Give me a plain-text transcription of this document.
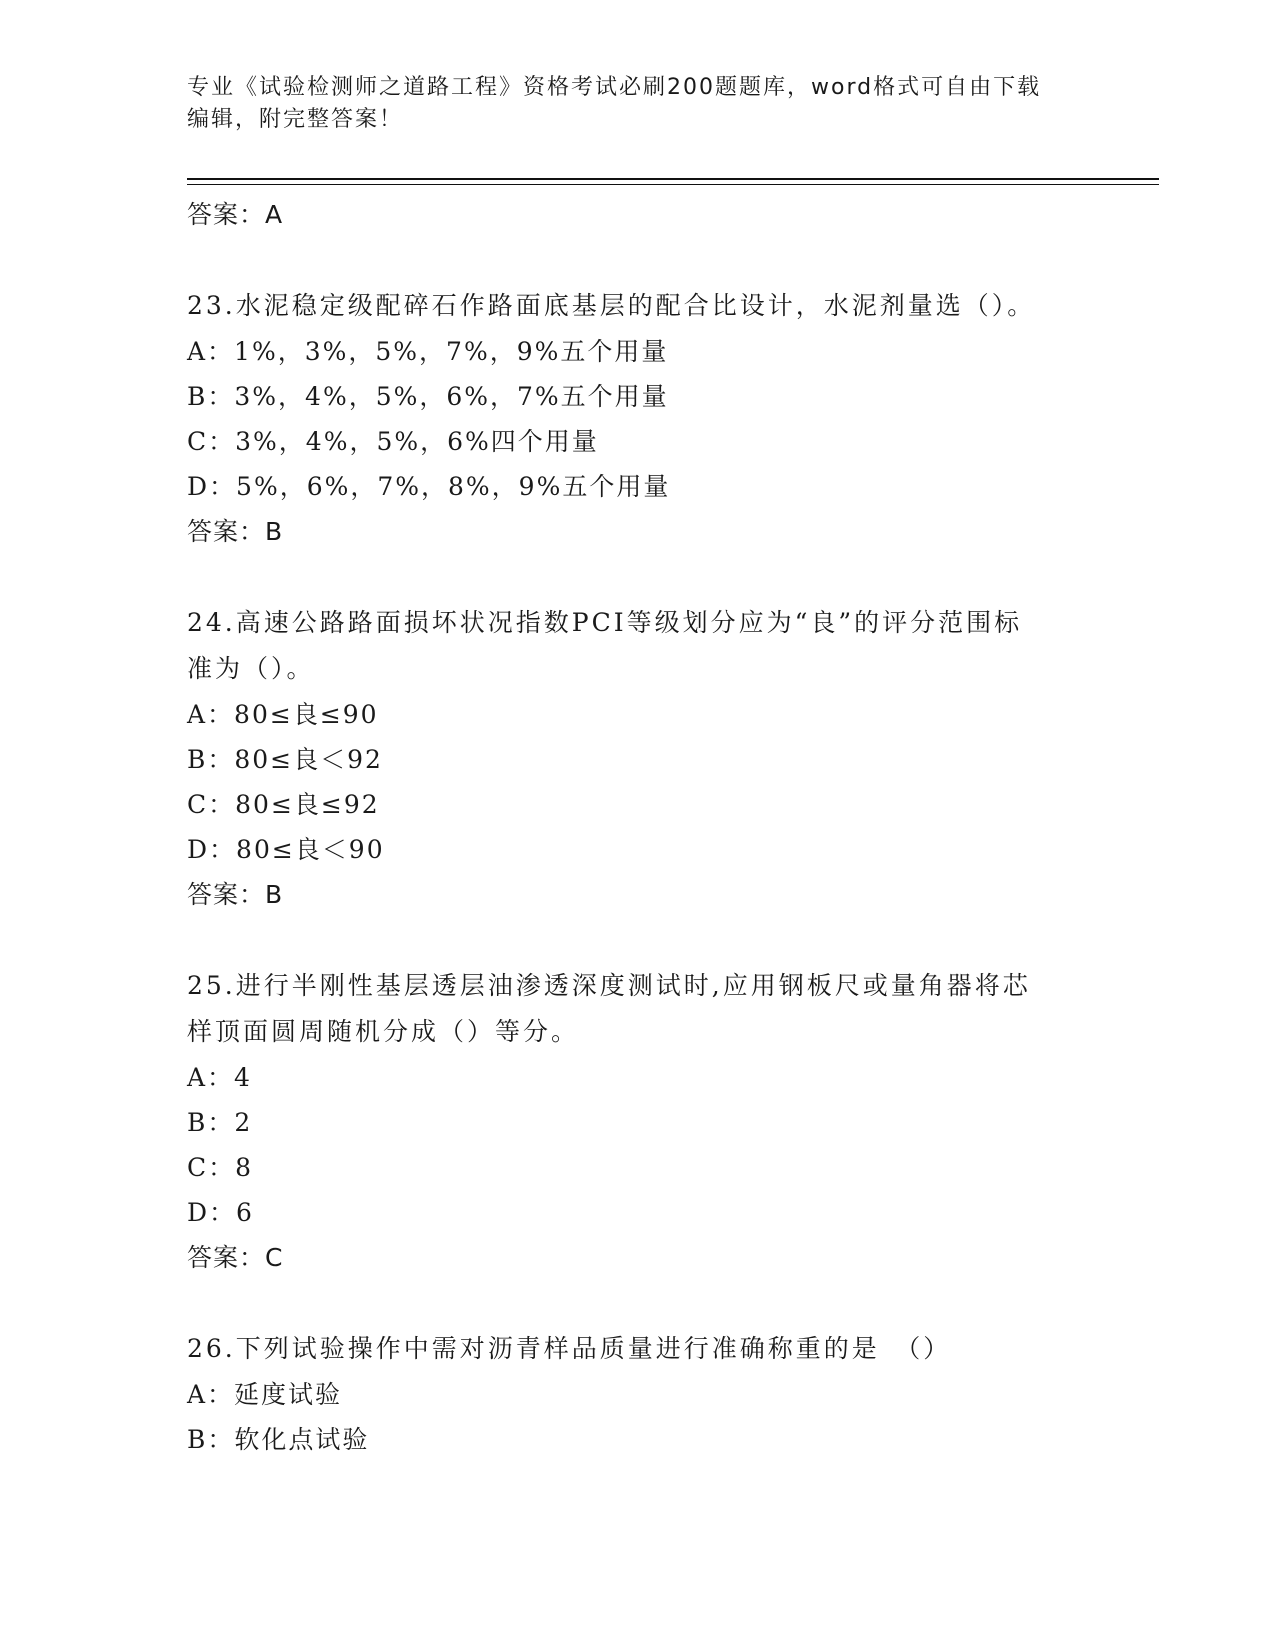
专业《试验检测师之道路工程》资格考试必刷200题题库，word格式可自由下载
编辑，附完整答案！
答案：A
23.水泥稳定级配碎石作路面底基层的配合比设计，水泥剂量选（）。
A：1%，3%，5%，7%，9%五个用量
B：3%，4%，5%，6%，7%五个用量
C：3%，4%，5%，6%四个用量
D：5%，6%，7%，8%，9%五个用量
答案：B
24.高速公路路面损坏状况指数PCI等级划分应为“良”的评分范围标
准为（）。
A：80≤良≤90
B：80≤良＜92
C：80≤良≤92
D：80≤良＜90
答案：B
25.进行半刚性基层透层油渗透深度测试时,应用钢板尺或量角器将芯
样顶面圆周随机分成（）等分。
A：4
B：2
C：8
D：6
答案：C
26.下列试验操作中需对沥青样品质量进行准确称重的是　（）
A：延度试验
B：软化点试验
